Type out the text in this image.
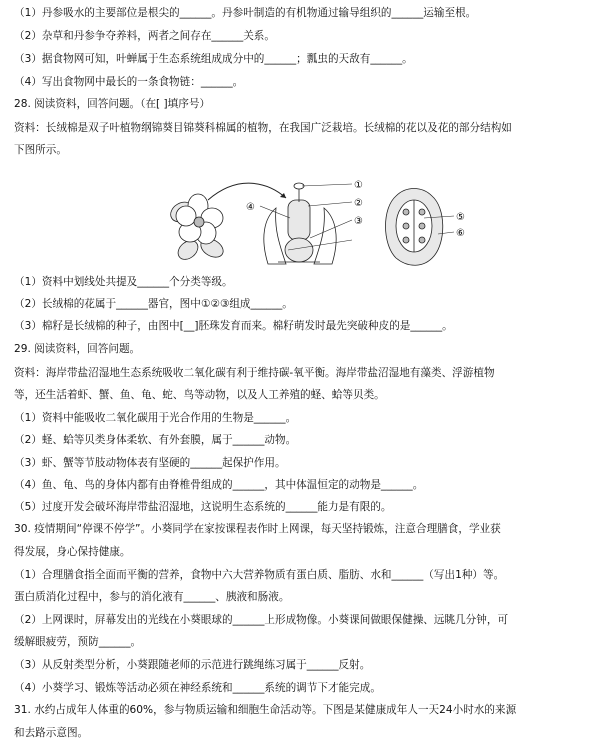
（1）丹参吸水的主要部位是根尖的______。丹参叶制造的有机物通过输导组织的______运输至根。
（2）杂草和丹参争夺养料，两者之间存在______关系。
（3）据食物网可知，叶蝉属于生态系统组成成分中的______；瓢虫的天敌有______。
（4）写出食物网中最长的一条食物链：______。
28. 阅读资料，回答问题。（在[ ]填序号）
资料：长绒棉是双子叶植物纲锦葵目锦葵科棉属的植物，在我国广泛栽培。长绒棉的花以及花的部分结构如
下图所示。
①
②
③
④
⑤
⑥
（1）资料中划线处共提及______个分类等级。
（2）长绒棉的花属于______器官，图中①②③组成______。
（3）棉籽是长绒棉的种子，由图中[__]胚珠发育而来。棉籽萌发时最先突破种皮的是______。
29. 阅读资料，回答问题。
资料：海岸带盐沼湿地生态系统吸收二氧化碳有利于维持碳-氧平衡。海岸带盐沼湿地有藻类、浮游植物
等，还生活着虾、蟹、鱼、龟、蛇、鸟等动物，以及人工养殖的蛏、蛤等贝类。
（1）资料中能吸收二氧化碳用于光合作用的生物是______。
（2）蛏、蛤等贝类身体柔软、有外套膜，属于______动物。
（3）虾、蟹等节肢动物体表有坚硬的______起保护作用。
（4）鱼、龟、鸟的身体内都有由脊椎骨组成的______，其中体温恒定的动物是______。
（5）过度开发会破坏海岸带盐沼湿地，这说明生态系统的______能力是有限的。
30. 疫情期间“停课不停学”。小葵同学在家按课程表作时上网课，每天坚持锻炼，注意合理膳食，学业获
得发展，身心保持健康。
（1）合理膳食指全面而平衡的营养，食物中六大营养物质有蛋白质、脂肪、水和______（写出1种）等。
蛋白质消化过程中，参与的消化液有______、胰液和肠液。
（2）上网课时，屏幕发出的光线在小葵眼球的______上形成物像。小葵课间做眼保健操、远眺几分钟，可
缓解眼疲劳，预防______。
（3）从反射类型分析，小葵跟随老师的示范进行跳绳练习属于______反射。
（4）小葵学习、锻炼等活动必须在神经系统和______系统的调节下才能完成。
31. 水约占成年人体重的60%，参与物质运输和细胞生命活动等。下图是某健康成年人一天24小时水的来源
和去路示意图。
